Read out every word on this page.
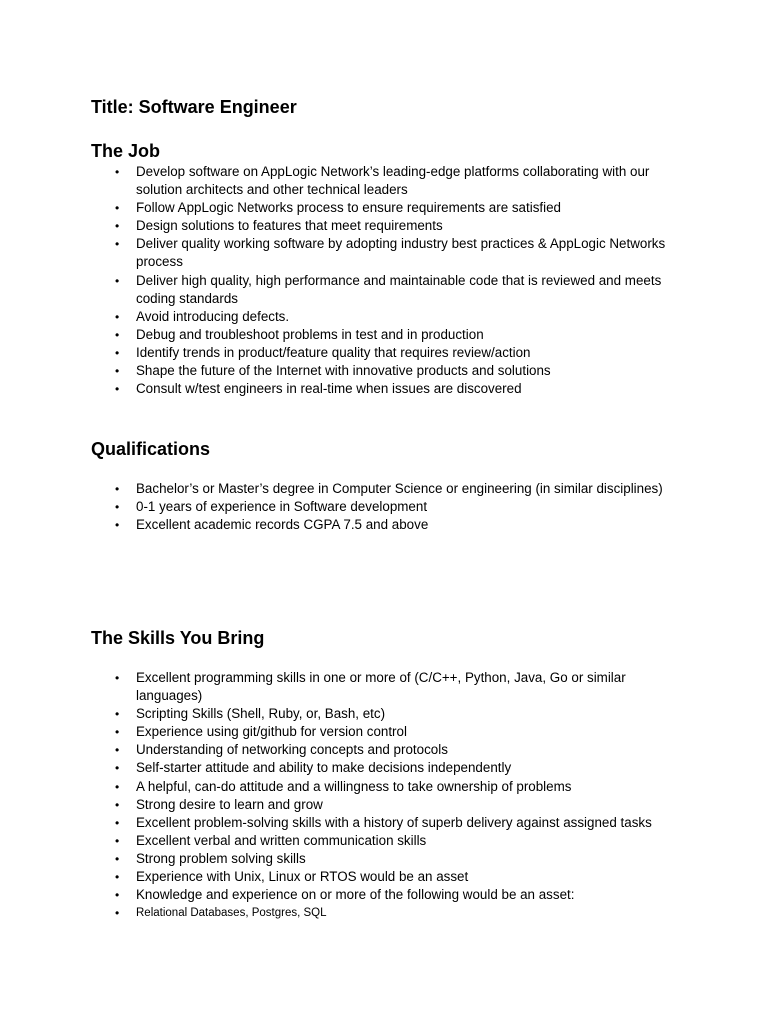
Title: Software Engineer
The Job
• Develop software on AppLogic Network’s leading-edge platforms collaborating with our solution architects and other technical leaders
• Follow AppLogic Networks process to ensure requirements are satisfied
• Design solutions to features that meet requirements
• Deliver quality working software by adopting industry best practices & AppLogic Networks process
• Deliver high quality, high performance and maintainable code that is reviewed and meets coding standards
• Avoid introducing defects.
• Debug and troubleshoot problems in test and in production
• Identify trends in product/feature quality that requires review/action
• Shape the future of the Internet with innovative products and solutions
• Consult w/test engineers in real-time when issues are discovered
Qualifications
• Bachelor’s or Master’s degree in Computer Science or engineering (in similar disciplines)
• 0-1 years of experience in Software development
• Excellent academic records CGPA 7.5 and above
The Skills You Bring
• Excellent programming skills in one or more of (C/C++, Python, Java, Go or similar languages)
• Scripting Skills (Shell, Ruby, or, Bash, etc)
• Experience using git/github for version control
• Understanding of networking concepts and protocols
• Self-starter attitude and ability to make decisions independently
• A helpful, can-do attitude and a willingness to take ownership of problems
• Strong desire to learn and grow
• Excellent problem-solving skills with a history of superb delivery against assigned tasks
• Excellent verbal and written communication skills
• Strong problem solving skills
• Experience with Unix, Linux or RTOS would be an asset
• Knowledge and experience on or more of the following would be an asset:
• Relational Databases, Postgres, SQL
